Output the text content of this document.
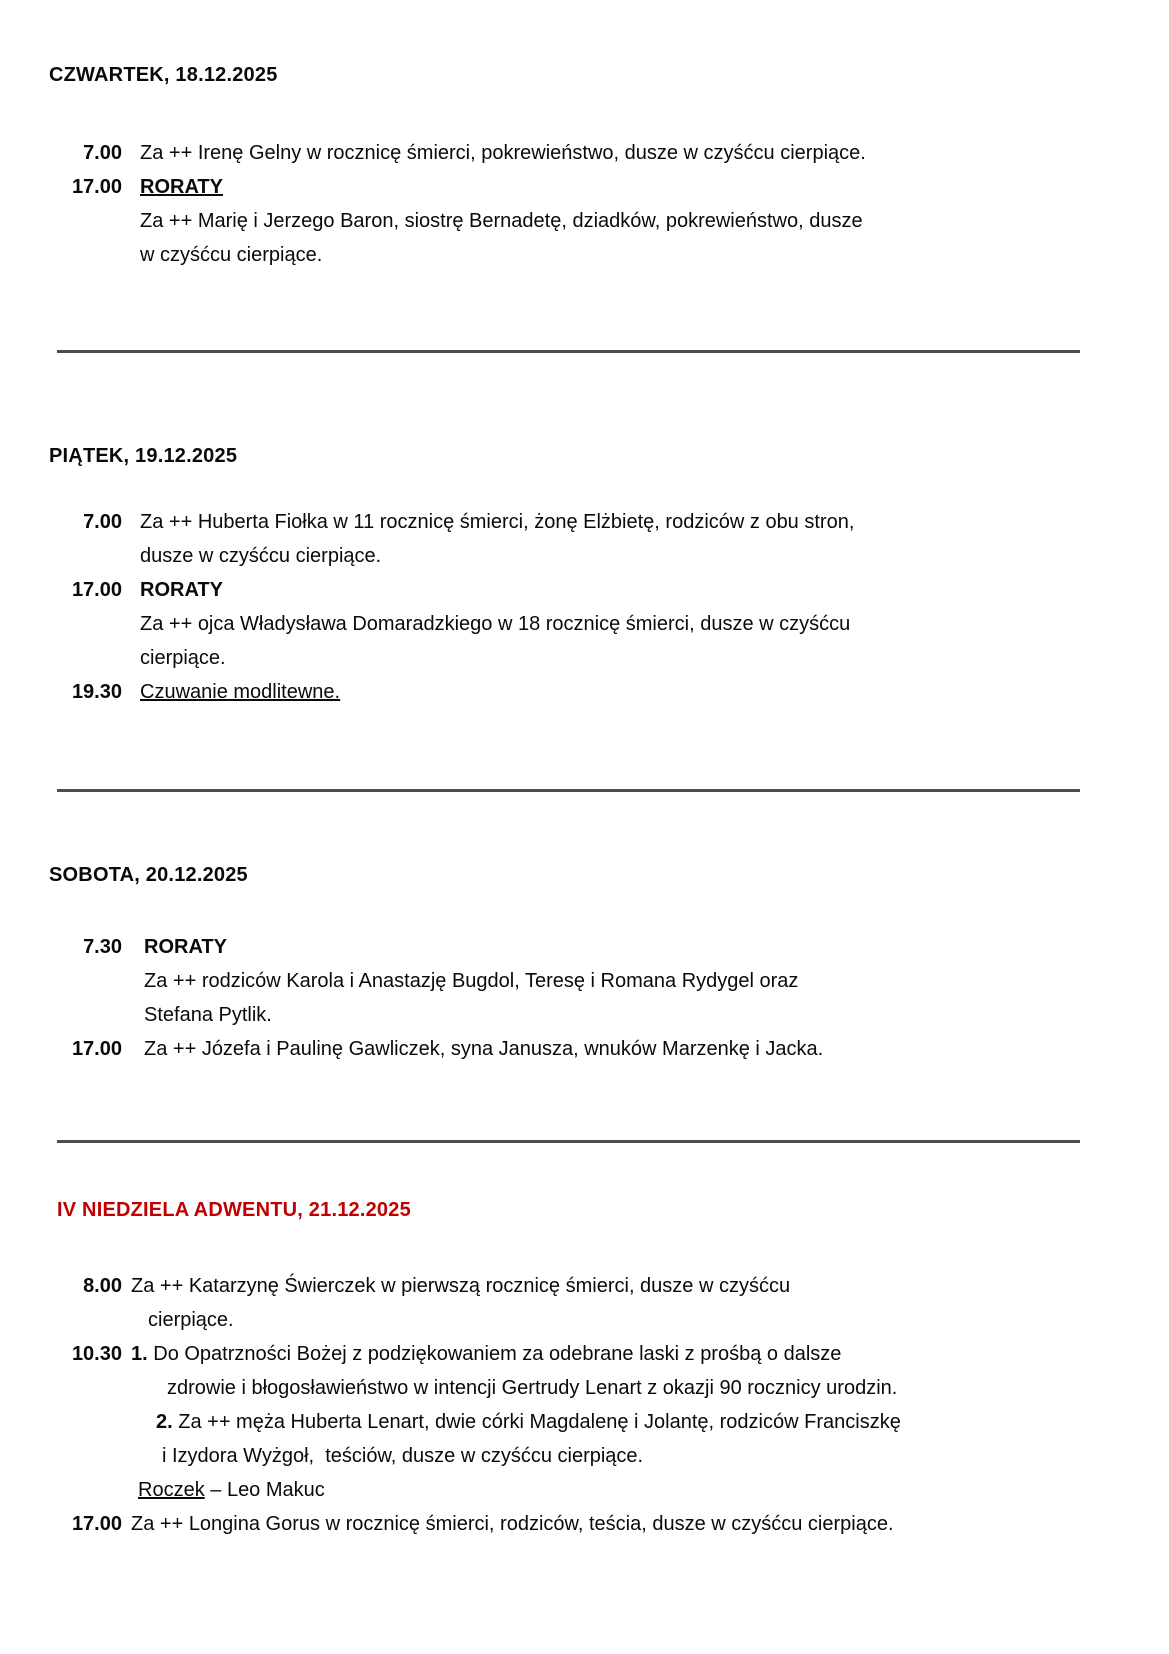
CZWARTEK, 18.12.2025
7.00 Za ++ Irenę Gelny w rocznicę śmierci, pokrewieństwo, dusze w czyśćcu cierpiące.
17.00 RORATY
Za ++ Marię i Jerzego Baron, siostrę Bernadetę, dziadków, pokrewieństwo, dusze
w czyśćcu cierpiące.
PIĄTEK, 19.12.2025
7.00 Za ++ Huberta Fiołka w 11 rocznicę śmierci, żonę Elżbietę, rodziców z obu stron,
dusze w czyśćcu cierpiące.
17.00 RORATY
Za ++ ojca Władysława Domaradzkiego w 18 rocznicę śmierci, dusze w czyśćcu
cierpiące.
19.30 Czuwanie modlitewne.
SOBOTA, 20.12.2025
7.30 RORATY
Za ++ rodziców Karola i Anastazję Bugdol, Teresę i Romana Rydygel oraz
Stefana Pytlik.
17.00 Za ++ Józefa i Paulinę Gawliczek, syna Janusza, wnuków Marzenkę i Jacka.
IV NIEDZIELA ADWENTU, 21.12.2025
8.00 Za ++ Katarzynę Świerczek w pierwszą rocznicę śmierci, dusze w czyśćcu
cierpiące.
10.30 1. Do Opatrzności Bożej z podziękowaniem za odebrane laski z prośbą o dalsze
zdrowie i błogosławieństwo w intencji Gertrudy Lenart z okazji 90 rocznicy urodzin.
2. Za ++ męża Huberta Lenart, dwie córki Magdalenę i Jolantę, rodziców Franciszkę
i Izydora Wyżgoł,  teściów, dusze w czyśćcu cierpiące.
Roczek – Leo Makuc
17.00 Za ++ Longina Gorus w rocznicę śmierci, rodziców, teścia, dusze w czyśćcu cierpiące.
